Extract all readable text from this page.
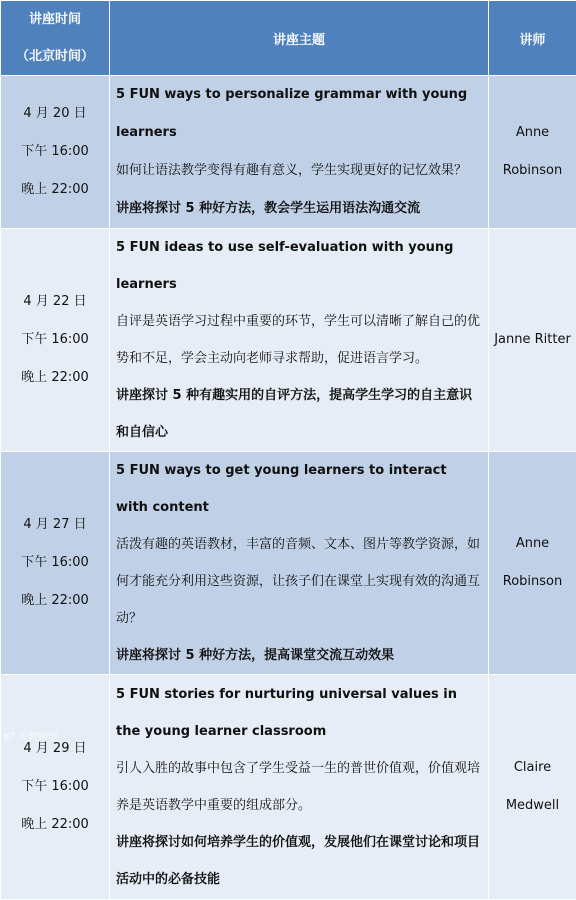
讲座时间
（北京时间）	讲座主题	讲师

4 月 20 日
下午 16:00
晚上 22:00	5 FUN ways to personalize grammar with young learners
如何让语法教学变得有趣有意义，学生实现更好的记忆效果？
讲座将探讨 5 种好方法，教会学生运用语法沟通交流	Anne
Robinson

4 月 22 日
下午 16:00
晚上 22:00	5 FUN ideas to use self-evaluation with young learners
自评是英语学习过程中重要的环节，学生可以清晰了解自己的优势和不足，学会主动向老师寻求帮助，促进语言学习。
讲座探讨 5 种有趣实用的自评方法，提高学生学习的自主意识和自信心	Janne Ritter

4 月 27 日
下午 16:00
晚上 22:00	5 FUN ways to get young learners to interact with content
活泼有趣的英语教材，丰富的音频、文本、图片等教学资源，如何才能充分利用这些资源，让孩子们在课堂上实现有效的沟通互动？
讲座将探讨 5 种好方法，提高课堂交流互动效果	Anne
Robinson

4 月 29 日
下午 16:00
晚上 22:00	5 FUN stories for nurturing universal values in the young learner classroom
引人入胜的故事中包含了学生受益一生的普世价值观，价值观培养是英语教学中重要的组成部分。
讲座将探讨如何培养学生的价值观，发展他们在课堂讨论和项目活动中的必备技能	Claire
Medwell
K⁵ 大数跨境
